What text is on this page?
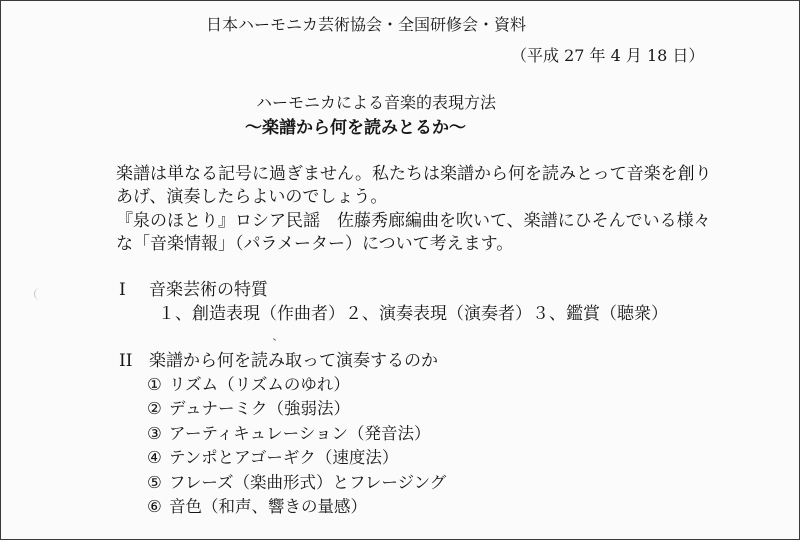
日本ハーモニカ芸術協会・全国研修会・資料
（平成 27 年 4 月 18 日）
ハーモニカによる音楽的表現方法
～楽譜から何を読みとるか～
楽譜は単なる記号に過ぎません。私たちは楽譜から何を読みとって音楽を創り
あげ、演奏したらよいのでしょう。
『泉のほとり』ロシア民謡　佐藤秀廊編曲を吹いて、楽譜にひそんでいる様々
な「音楽情報」（パラメーター）について考えます。
I 音楽芸術の特質
１、創造表現（作曲者）２、演奏表現（演奏者）３、鑑賞（聴衆）
II 楽譜から何を読み取って演奏するのか
① リズム（リズムのゆれ）
② デュナーミク（強弱法）
③ アーティキュレーション（発音法）
④ テンポとアゴーギク（速度法）
⑤ フレーズ（楽曲形式）とフレージング
⑥ 音色（和声、響きの量感）
